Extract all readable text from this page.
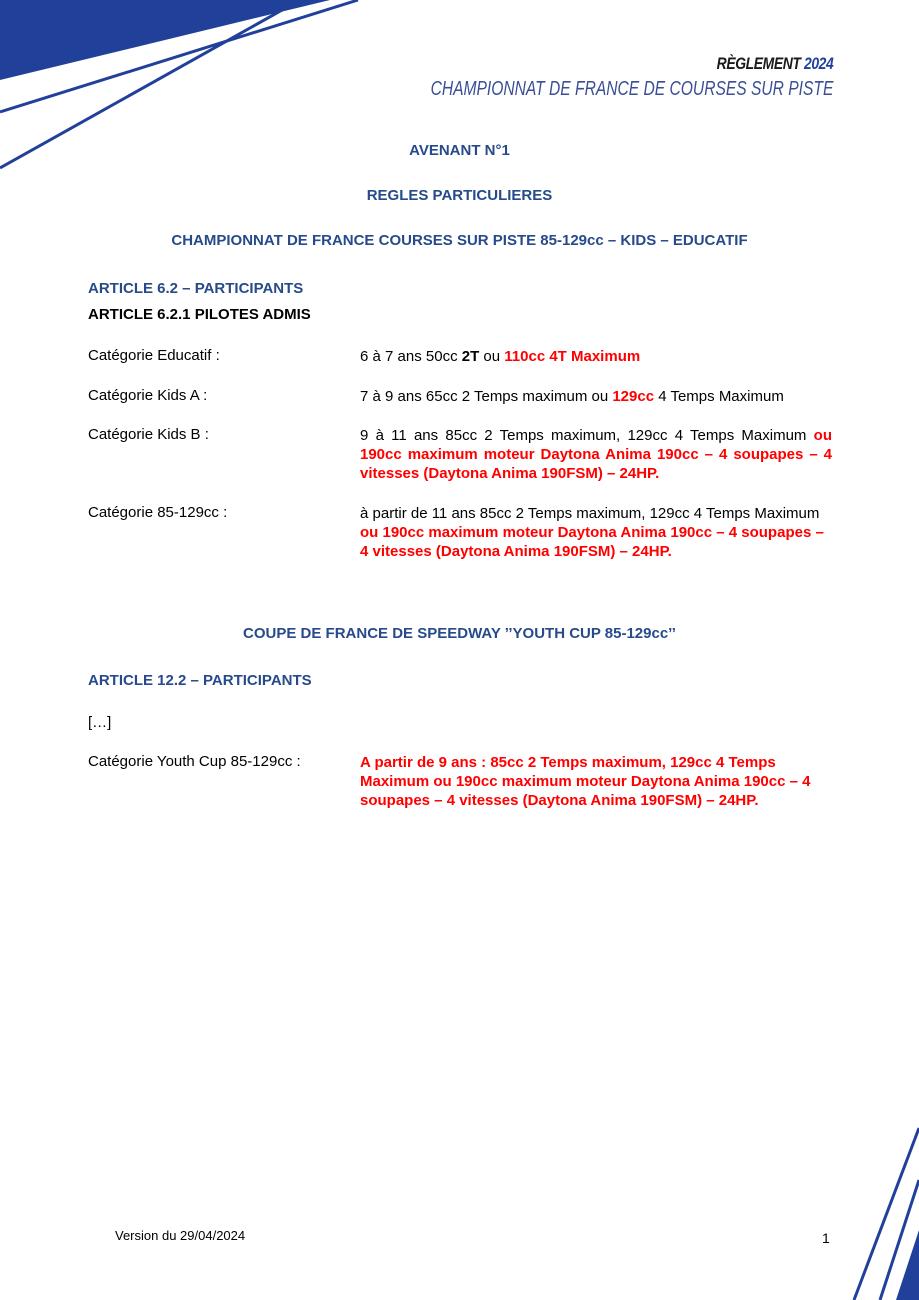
RÈGLEMENT 2024
CHAMPIONNAT DE FRANCE DE COURSES SUR PISTE
AVENANT N°1
REGLES PARTICULIERES
CHAMPIONNAT DE FRANCE COURSES SUR PISTE 85-129cc – KIDS – EDUCATIF
ARTICLE 6.2 – PARTICIPANTS
ARTICLE 6.2.1 PILOTES ADMIS
Catégorie Educatif :	6 à 7 ans 50cc 2T ou 110cc 4T Maximum
Catégorie Kids A :	7 à 9 ans 65cc 2 Temps maximum ou 129cc 4 Temps Maximum
Catégorie Kids B :	9 à 11 ans 85cc 2 Temps maximum, 129cc 4 Temps Maximum ou 190cc maximum moteur Daytona Anima 190cc – 4 soupapes – 4 vitesses (Daytona Anima 190FSM) – 24HP.
Catégorie 85-129cc :	à partir de 11 ans 85cc 2 Temps maximum, 129cc 4 Temps Maximum ou 190cc maximum moteur Daytona Anima 190cc – 4 soupapes – 4 vitesses (Daytona Anima 190FSM) – 24HP.
COUPE DE FRANCE DE SPEEDWAY ’’YOUTH CUP 85-129cc’’
ARTICLE 12.2 – PARTICIPANTS
[…]
Catégorie Youth Cup 85-129cc :	A partir de 9 ans : 85cc 2 Temps maximum, 129cc 4 Temps Maximum ou 190cc maximum moteur Daytona Anima 190cc – 4 soupapes – 4 vitesses (Daytona Anima 190FSM) – 24HP.
Version du 29/04/2024	1
